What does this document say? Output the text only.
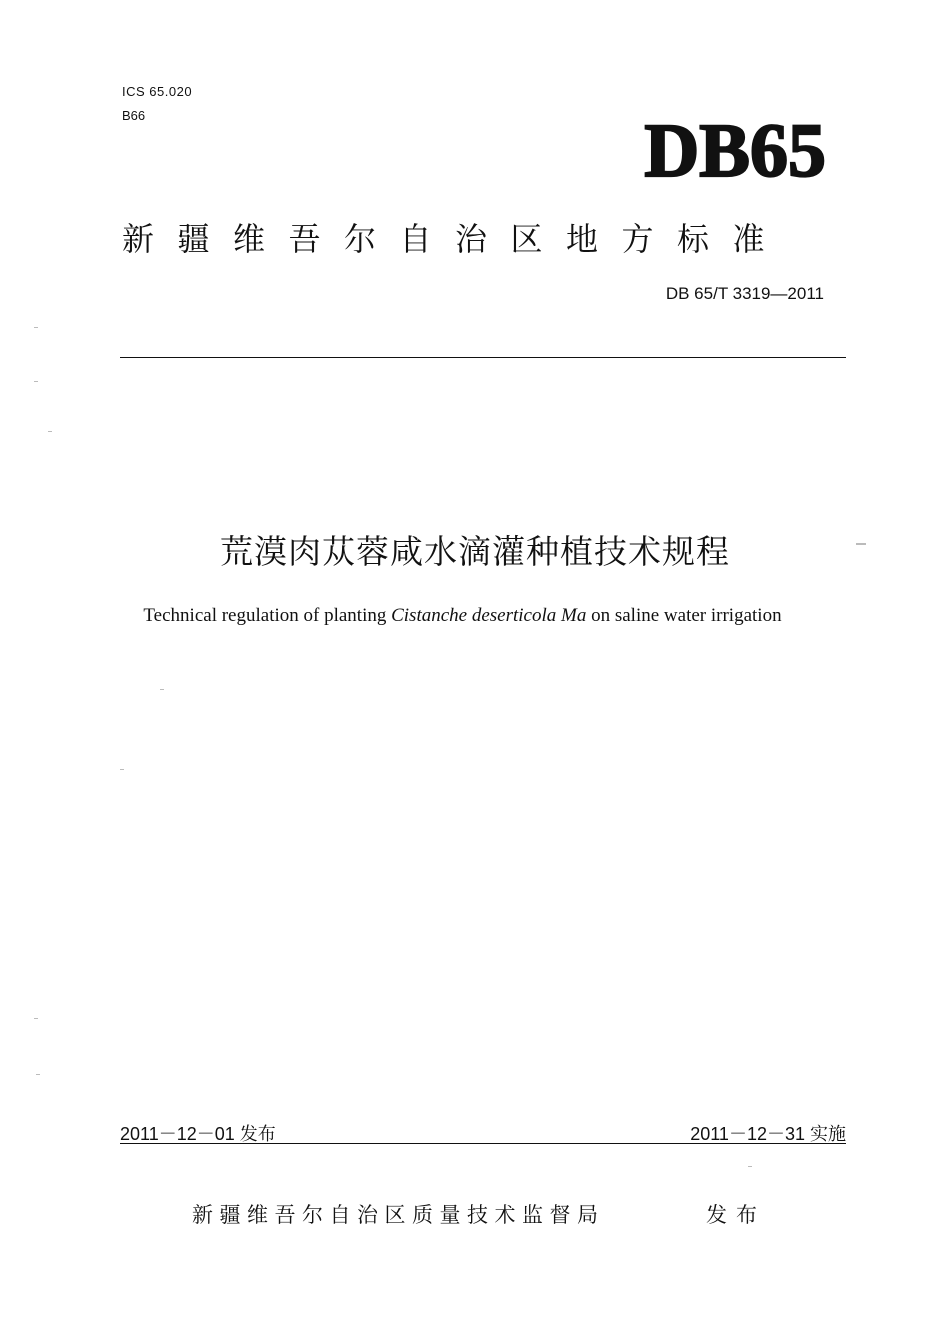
ICS 65.020
B66	DB65
新疆维吾尔自治区地方标准
DB 65/T 3319—2011
荒漠肉苁蓉咸水滴灌种植技术规程
Technical regulation of planting Cistanche deserticola Ma on saline water irrigation
2011－12－01 发布	2011－12－31 实施
新疆维吾尔自治区质量技术监督局	发布
